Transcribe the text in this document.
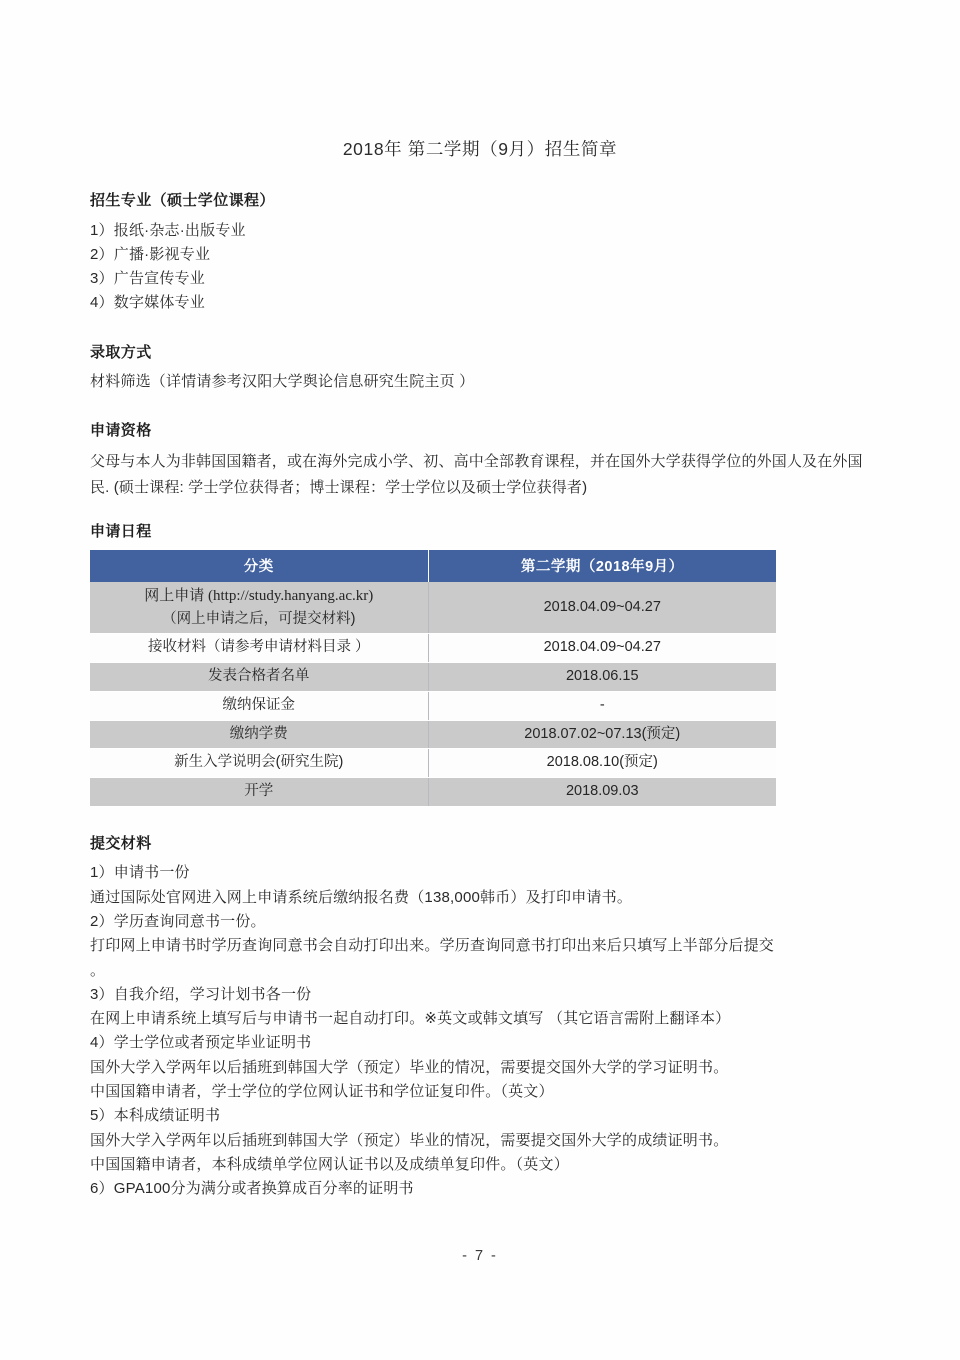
2018年 第二学期（9月）招生简章

招生专业（硕士学位课程）

1）报纸·杂志·出版专业

2）广播·影视专业

3）广告宣传专业

4）数字媒体专业

录取方式

材料筛选（详情请参考汉阳大学舆论信息研究生院主页 ）

申请资格

父母与本人为非韩国国籍者，或在海外完成小学、初、高中全部教育课程，并在国外大学获得学位的外国人及在外国民. (硕士课程: 学士学位获得者；博士课程：学士学位以及硕士学位获得者)

申请日程

分类	第二学期（2018年9月）

网上申请 (http://study.hanyang.ac.kr)
（网上申请之后，可提交材料)	2018.04.09~04.27
接收材料（请参考申请材料目录 ）	2018.04.09~04.27
发表合格者名单	2018.06.15
缴纳保证金	-
缴纳学费	2018.07.02~07.13(预定)
新生入学说明会(研究生院)	2018.08.10(预定)
开学	2018.09.03

提交材料

1）申请书一份

通过国际处官网进入网上申请系统后缴纳报名费（138,000韩币）及打印申请书。

2）学历查询同意书一份。

打印网上申请书时学历查询同意书会自动打印出来。学历查询同意书打印出来后只填写上半部分后提交

。

3）自我介绍，学习计划书各一份

在网上申请系统上填写后与申请书一起自动打印。※英文或韩文填写 （其它语言需附上翻译本）

4）学士学位或者预定毕业证明书

国外大学入学两年以后插班到韩国大学（预定）毕业的情况，需要提交国外大学的学习证明书。

中国国籍申请者，学士学位的学位网认证书和学位证复印件。（英文）

5）本科成绩证明书

国外大学入学两年以后插班到韩国大学（预定）毕业的情况，需要提交国外大学的成绩证明书。

中国国籍申请者，本科成绩单学位网认证书以及成绩单复印件。（英文）

6）GPA100分为满分或者换算成百分率的证明书

- 7 -
